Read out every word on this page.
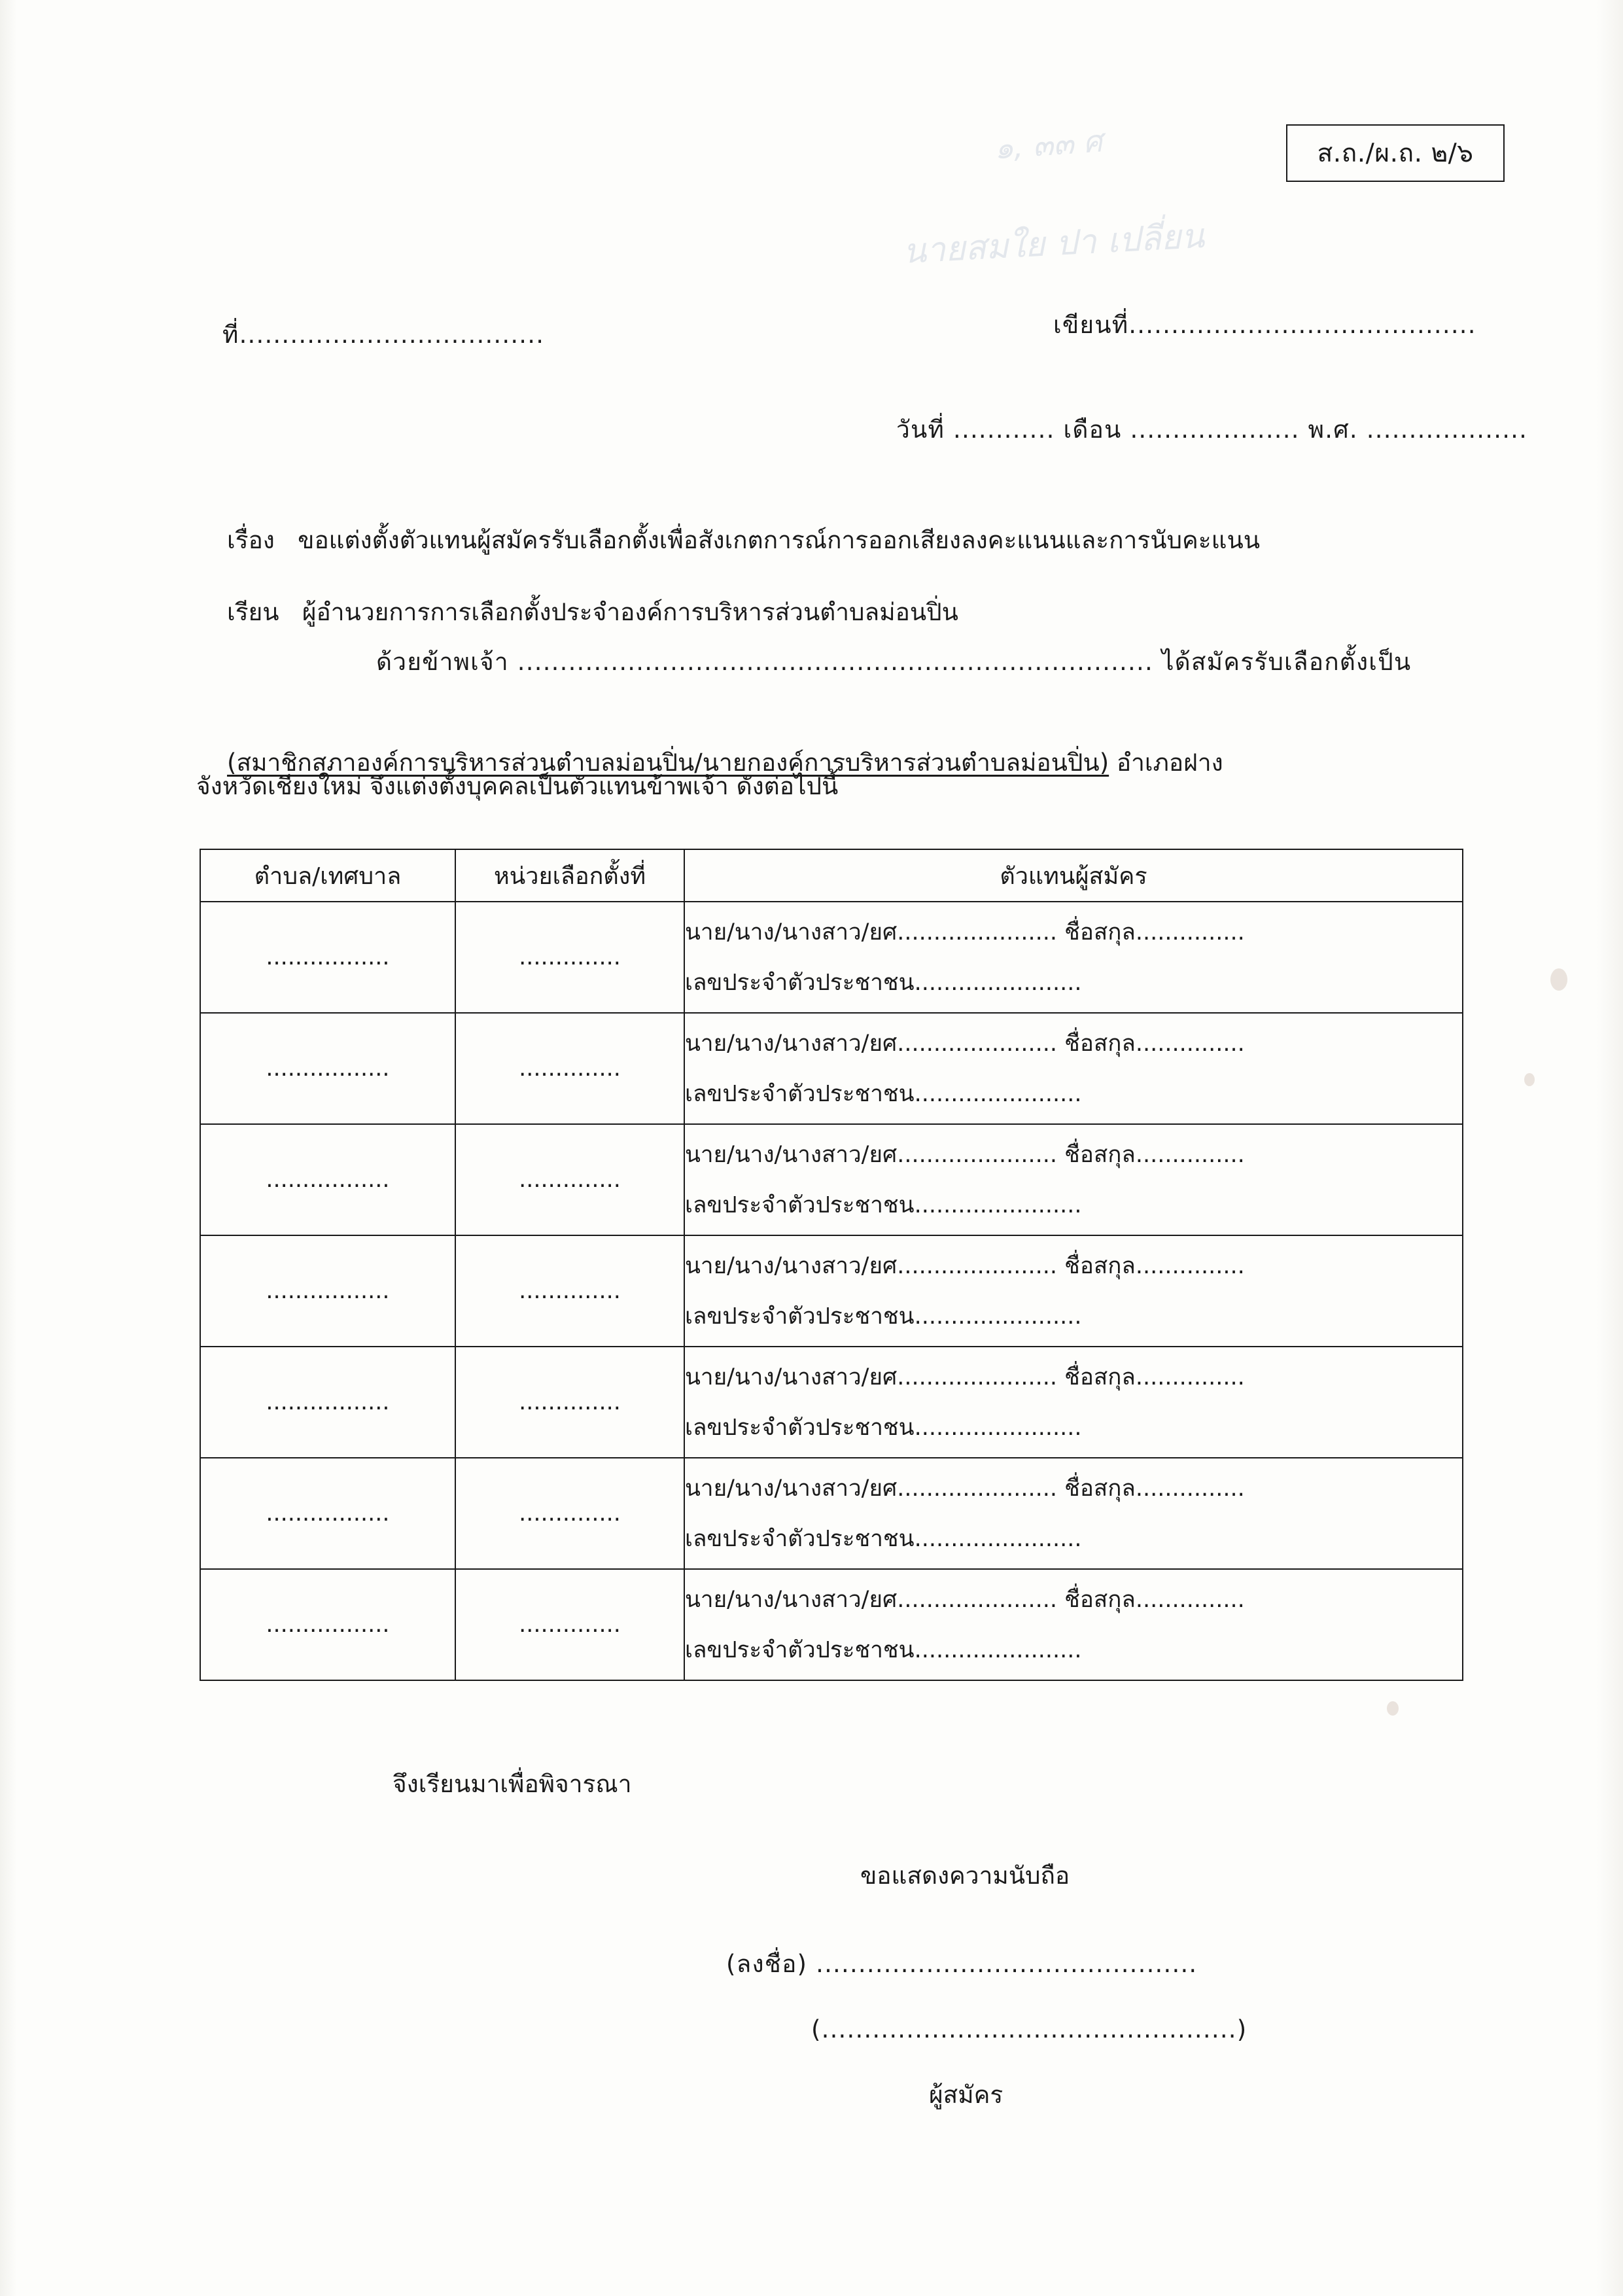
๑, ๓๓ ศ
นายสมใย ปา เปลี่ยน
ส.ถ./ผ.ถ. ๒/๖
ที่....................................	เขียนที่.........................................
วันที่ ............ เดือน .................... พ.ศ. ...................

เรื่อง ขอแต่งตั้งตัวแทนผู้สมัครรับเลือกตั้งเพื่อสังเกตการณ์การออกเสียงลงคะแนนและการนับคะแนน

เรียน ผู้อำนวยการการเลือกตั้งประจำองค์การบริหารส่วนตำบลม่อนปิ่น

ด้วยข้าพเจ้า ........................................................................... ได้สมัครรับเลือกตั้งเป็น

(สมาชิกสภาองค์การบริหารส่วนตำบลม่อนปิ่น/นายกองค์การบริหารส่วนตำบลม่อนปิ่น) อำเภอฝาง

จังหวัดเชียงใหม่ จึงแต่งตั้งบุคคลเป็นตัวแทนข้าพเจ้า ดังต่อไปนี้
ตำบล/เทศบาล	หน่วยเลือกตั้งที่	ตัวแทนผู้สมัคร
.................	..............	นาย/นาง/นางสาว/ยศ...................... ชื่อสกุล...............
เลขประจำตัวประชาชน.......................

.................	..............	นาย/นาง/นางสาว/ยศ...................... ชื่อสกุล...............
เลขประจำตัวประชาชน.......................

.................	..............	นาย/นาง/นางสาว/ยศ...................... ชื่อสกุล...............
เลขประจำตัวประชาชน.......................

.................	..............	นาย/นาง/นางสาว/ยศ...................... ชื่อสกุล...............
เลขประจำตัวประชาชน.......................

.................	..............	นาย/นาง/นางสาว/ยศ...................... ชื่อสกุล...............
เลขประจำตัวประชาชน.......................

.................	..............	นาย/นาง/นางสาว/ยศ...................... ชื่อสกุล...............
เลขประจำตัวประชาชน.......................

.................	..............	นาย/นาง/นางสาว/ยศ...................... ชื่อสกุล...............
เลขประจำตัวประชาชน.......................
จึงเรียนมาเพื่อพิจารณา
ขอแสดงความนับถือ
(ลงชื่อ) .............................................
(.................................................)
ผู้สมัคร
